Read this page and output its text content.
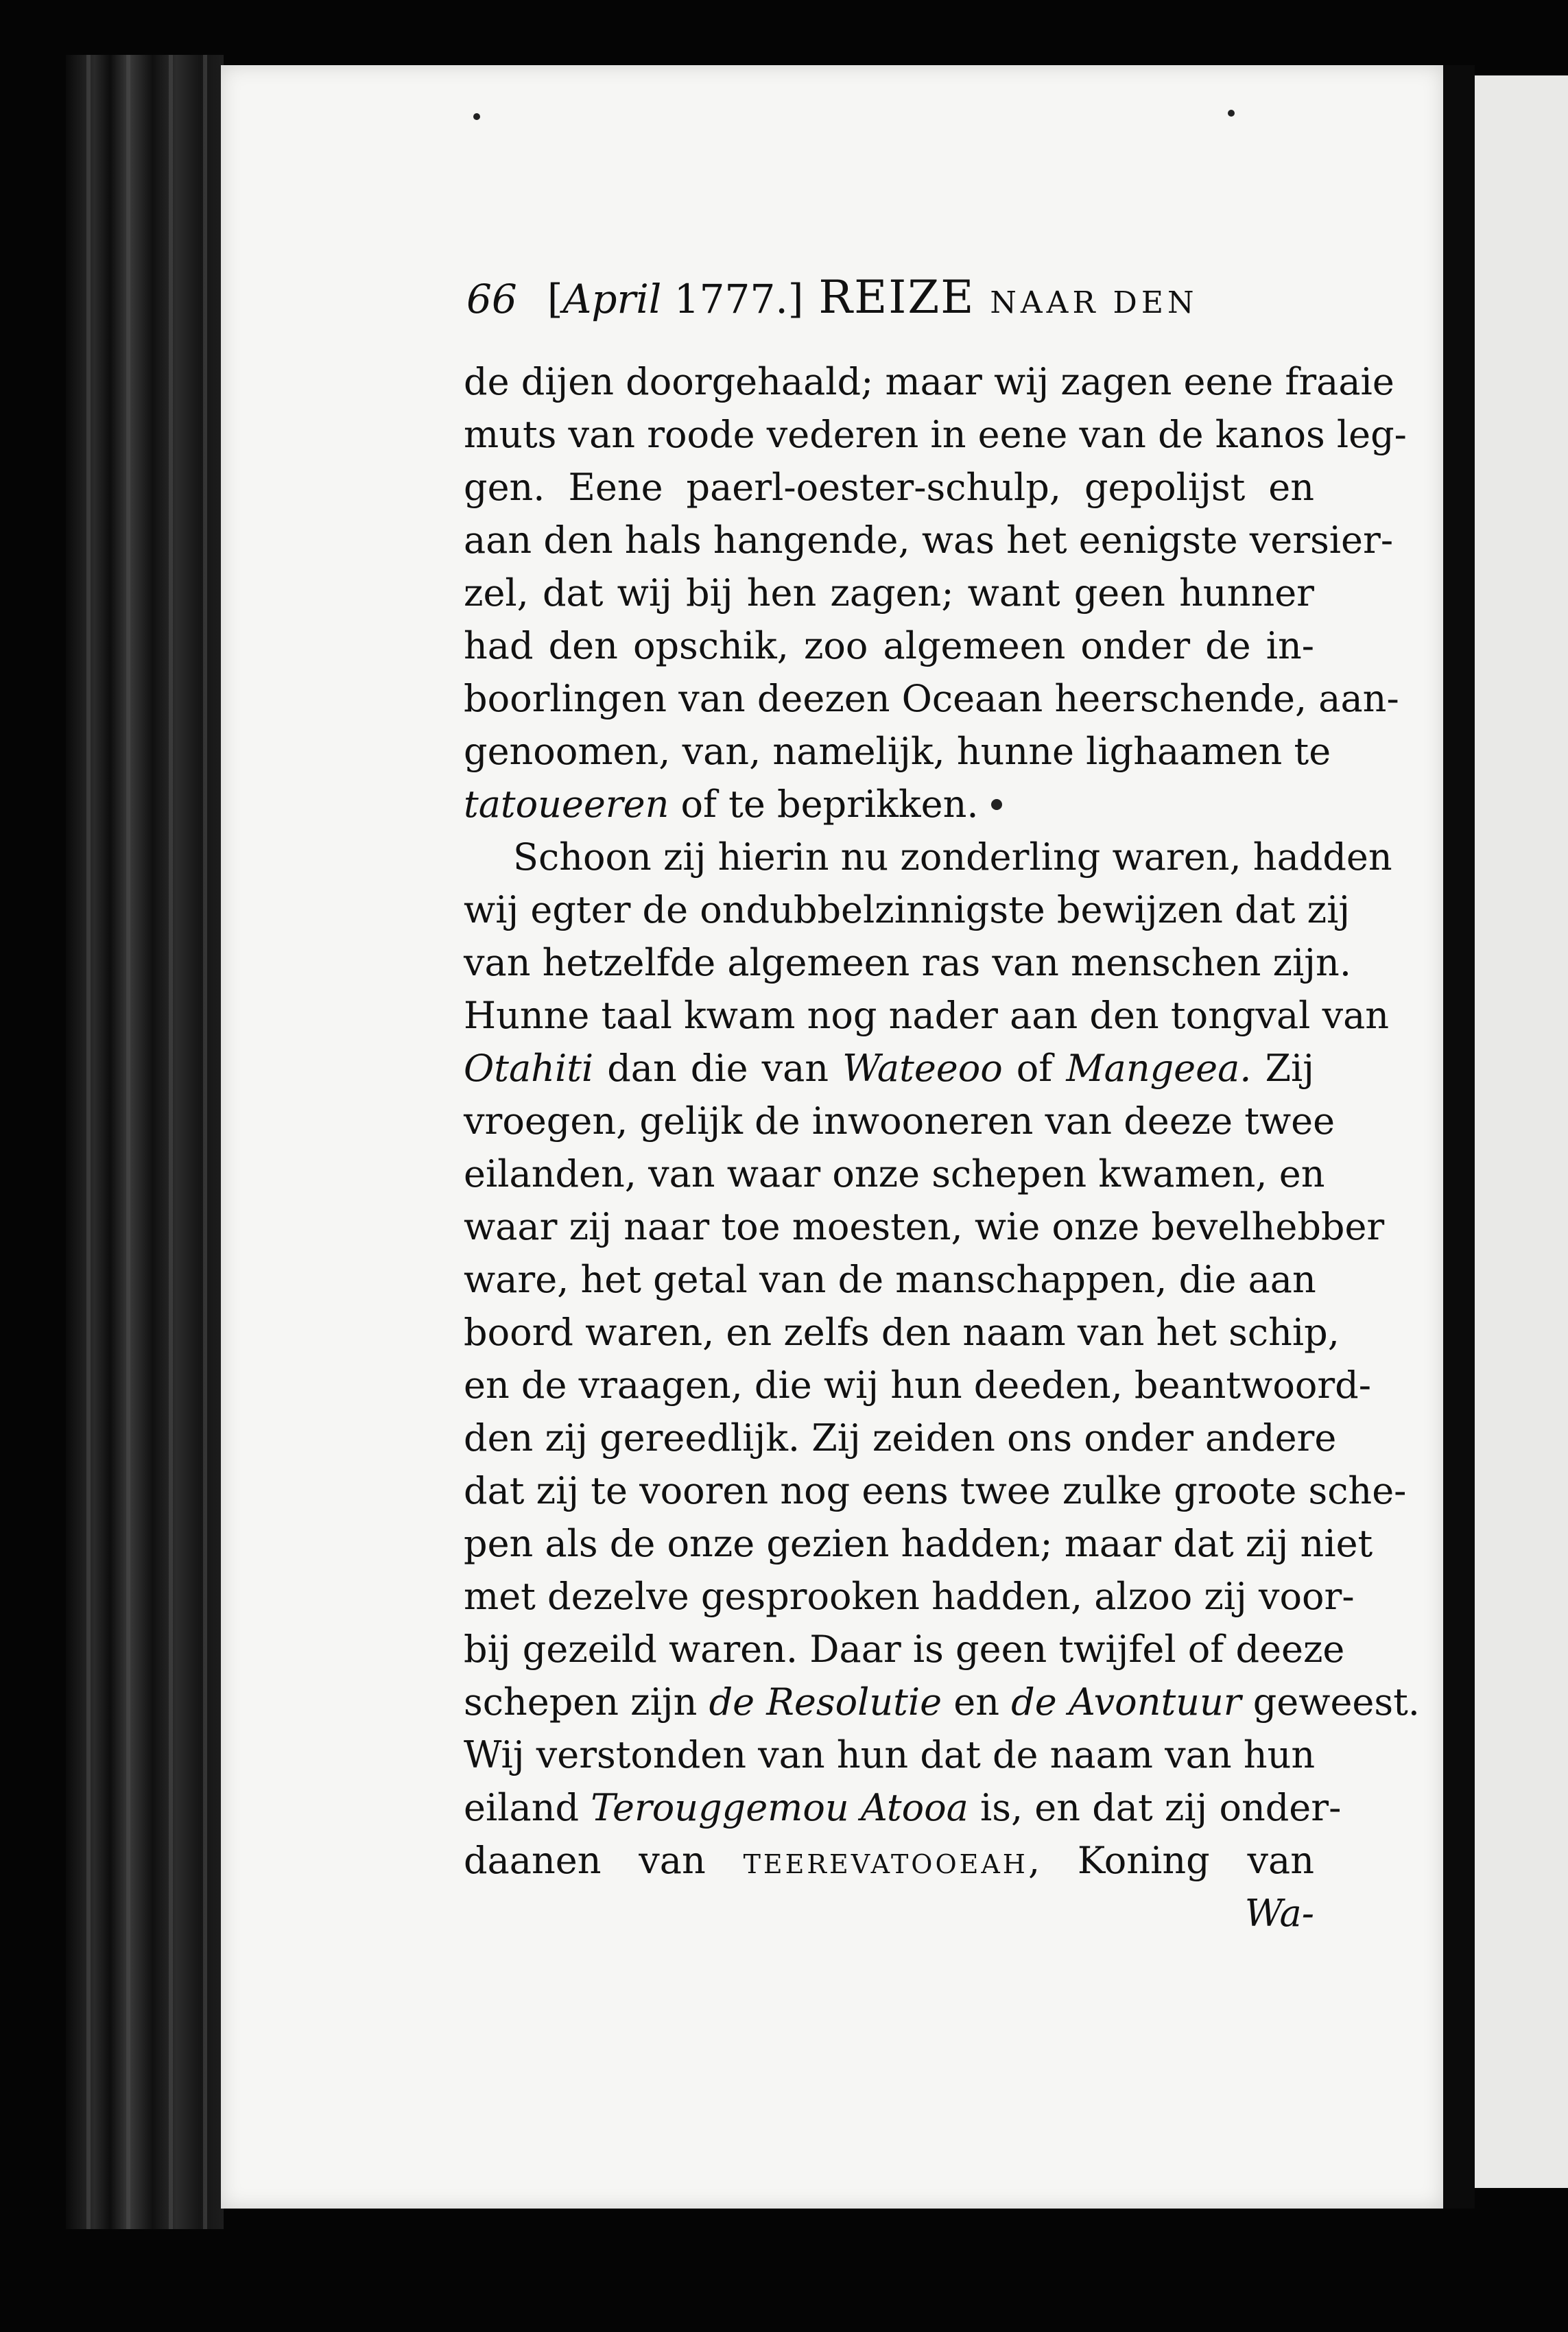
66 [April 1777.] REIZE NAAR DEN
de dijen doorgehaald; maar wij zagen eene fraaie
muts van roode vederen in eene van de kanos leg-
gen. Eene paerl-oester-schulp, gepolijst en
aan den hals hangende, was het eenigste versier-
zel, dat wij bij hen zagen; want geen hunner
had den opschik, zoo algemeen onder de in-
boorlingen van deezen Oceaan heerschende, aan-
genoomen, van, namelijk, hunne lighaamen te
tatoueeren of te beprikken.
Schoon zij hierin nu zonderling waren, hadden
wij egter de ondubbelzinnigste bewijzen dat zij
van hetzelfde algemeen ras van menschen zijn.
Hunne taal kwam nog nader aan den tongval van
Otahiti dan die van Wateeoo of Mangeea. Zij
vroegen, gelijk de inwooneren van deeze twee
eilanden, van waar onze schepen kwamen, en
waar zij naar toe moesten, wie onze bevelhebber
ware, het getal van de manschappen, die aan
boord waren, en zelfs den naam van het schip,
en de vraagen, die wij hun deeden, beantwoord-
den zij gereedlijk. Zij zeiden ons onder andere
dat zij te vooren nog eens twee zulke groote sche-
pen als de onze gezien hadden; maar dat zij niet
met dezelve gesprooken hadden, alzoo zij voor-
bij gezeild waren. Daar is geen twijfel of deeze
schepen zijn de Resolutie en de Avontuur geweest.
Wij verstonden van hun dat de naam van hun
eiland Terouggemou Atooa is, en dat zij onder-
daanen van teerevatooeah, Koning van
Wa-
